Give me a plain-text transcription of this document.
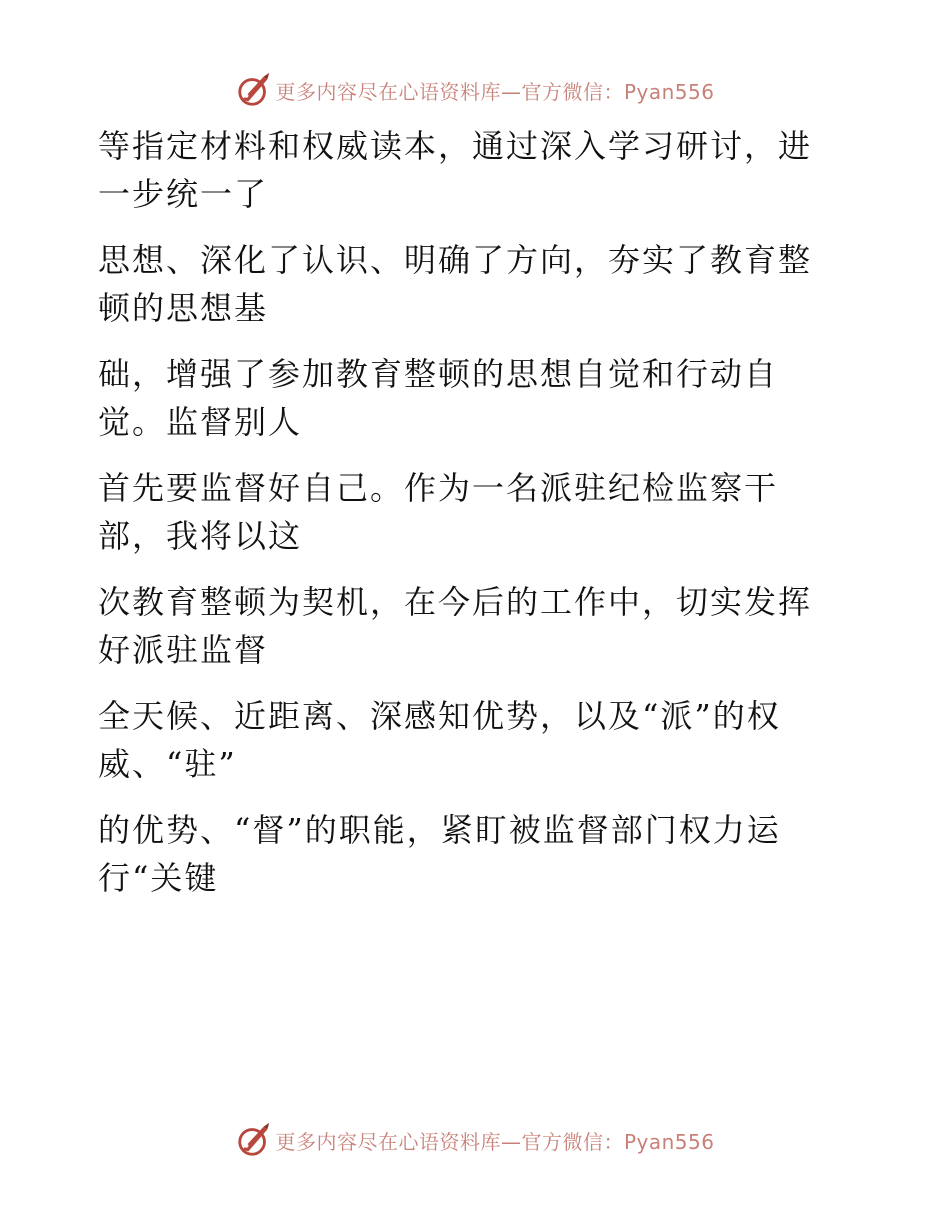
更多内容尽在心语资料库—官方微信：Pyan556

等指定材料和权威读本，通过深入学习研讨，进
一步统一了

思想、深化了认识、明确了方向，夯实了教育整
顿的思想基

础，增强了参加教育整顿的思想自觉和行动自
觉。监督别人

首先要监督好自己。作为一名派驻纪检监察干
部，我将以这

次教育整顿为契机，在今后的工作中，切实发挥
好派驻监督

全天候、近距离、深感知优势，以及“派”的权
威、“驻”

的优势、“督”的职能，紧盯被监督部门权力运
行“关键

更多内容尽在心语资料库—官方微信：Pyan556
